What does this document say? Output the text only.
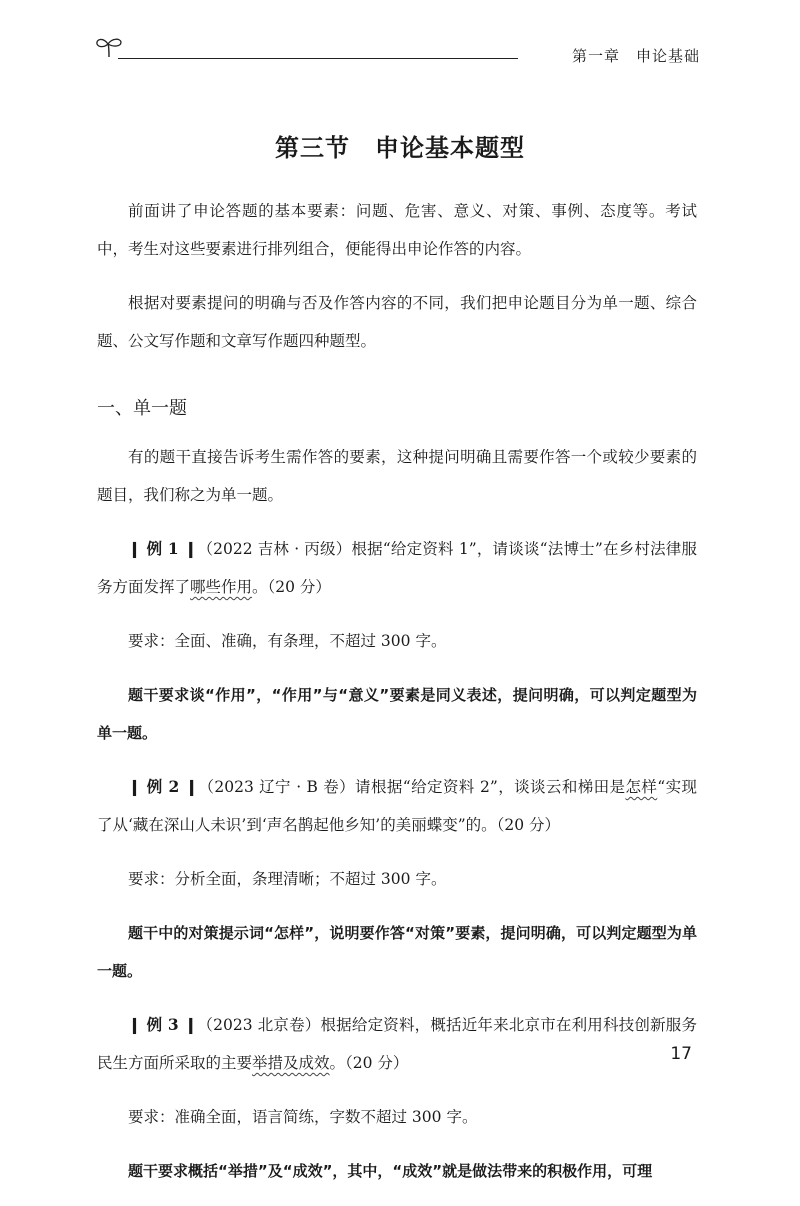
第一章　申论基础
第三节　申论基本题型

前面讲了申论答题的基本要素：问题、危害、意义、对策、事例、态度等。考试中，考生对这些要素进行排列组合，便能得出申论作答的内容。

根据对要素提问的明确与否及作答内容的不同，我们把申论题目分为单一题、综合题、公文写作题和文章写作题四种题型。

一、单一题

有的题干直接告诉考生需作答的要素，这种提问明确且需要作答一个或较少要素的题目，我们称之为单一题。

❙ 例 1 ❙（2022 吉林 · 丙级）根据“给定资料 1”，请谈谈“法博士”在乡村法律服务方面发挥了哪些作用。（20 分）

要求：全面、准确，有条理，不超过 300 字。

题干要求谈“作用”，“作用”与“意义”要素是同义表述，提问明确，可以判定题型为单一题。

❙ 例 2 ❙（2023 辽宁 · B 卷）请根据“给定资料 2”，谈谈云和梯田是怎样“实现了从‘藏在深山人未识’到‘声名鹊起他乡知’的美丽蝶变”的。（20 分）

要求：分析全面，条理清晰；不超过 300 字。

题干中的对策提示词“怎样”，说明要作答“对策”要素，提问明确，可以判定题型为单一题。

❙ 例 3 ❙（2023 北京卷）根据给定资料，概括近年来北京市在利用科技创新服务民生方面所采取的主要举措及成效。（20 分）

要求：准确全面，语言简练，字数不超过 300 字。

题干要求概括“举措”及“成效”，其中，“成效”就是做法带来的积极作用，可理

17
